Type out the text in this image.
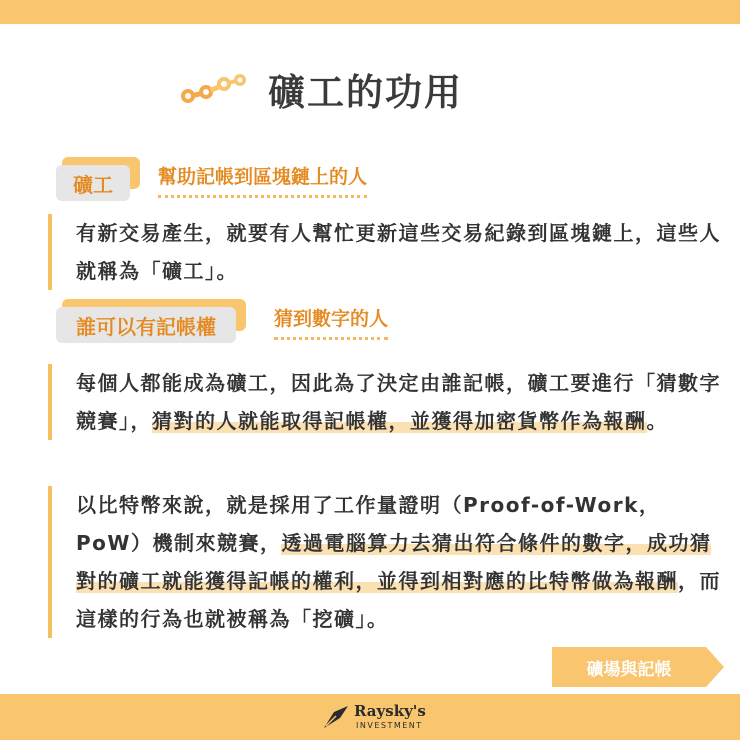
礦工的功用
礦工	幫助記帳到區塊鏈上的人
有新交易產生，就要有人幫忙更新這些交易紀錄到區塊鏈上，這些人就稱為「礦工」。
誰可以有記帳權	猜到數字的人
每個人都能成為礦工，因此為了決定由誰記帳，礦工要進行「猜數字競賽」，猜對的人就能取得記帳權，並獲得加密貨幣作為報酬。
以比特幣來說，就是採用了工作量證明（Proof-of-Work，PoW）機制來競賽，透過電腦算力去猜出符合條件的數字，成功猜對的礦工就能獲得記帳的權利，並得到相對應的比特幣做為報酬，而這樣的行為也就被稱為「挖礦」。
礦場與記帳
Raysky's
INVESTMENT
